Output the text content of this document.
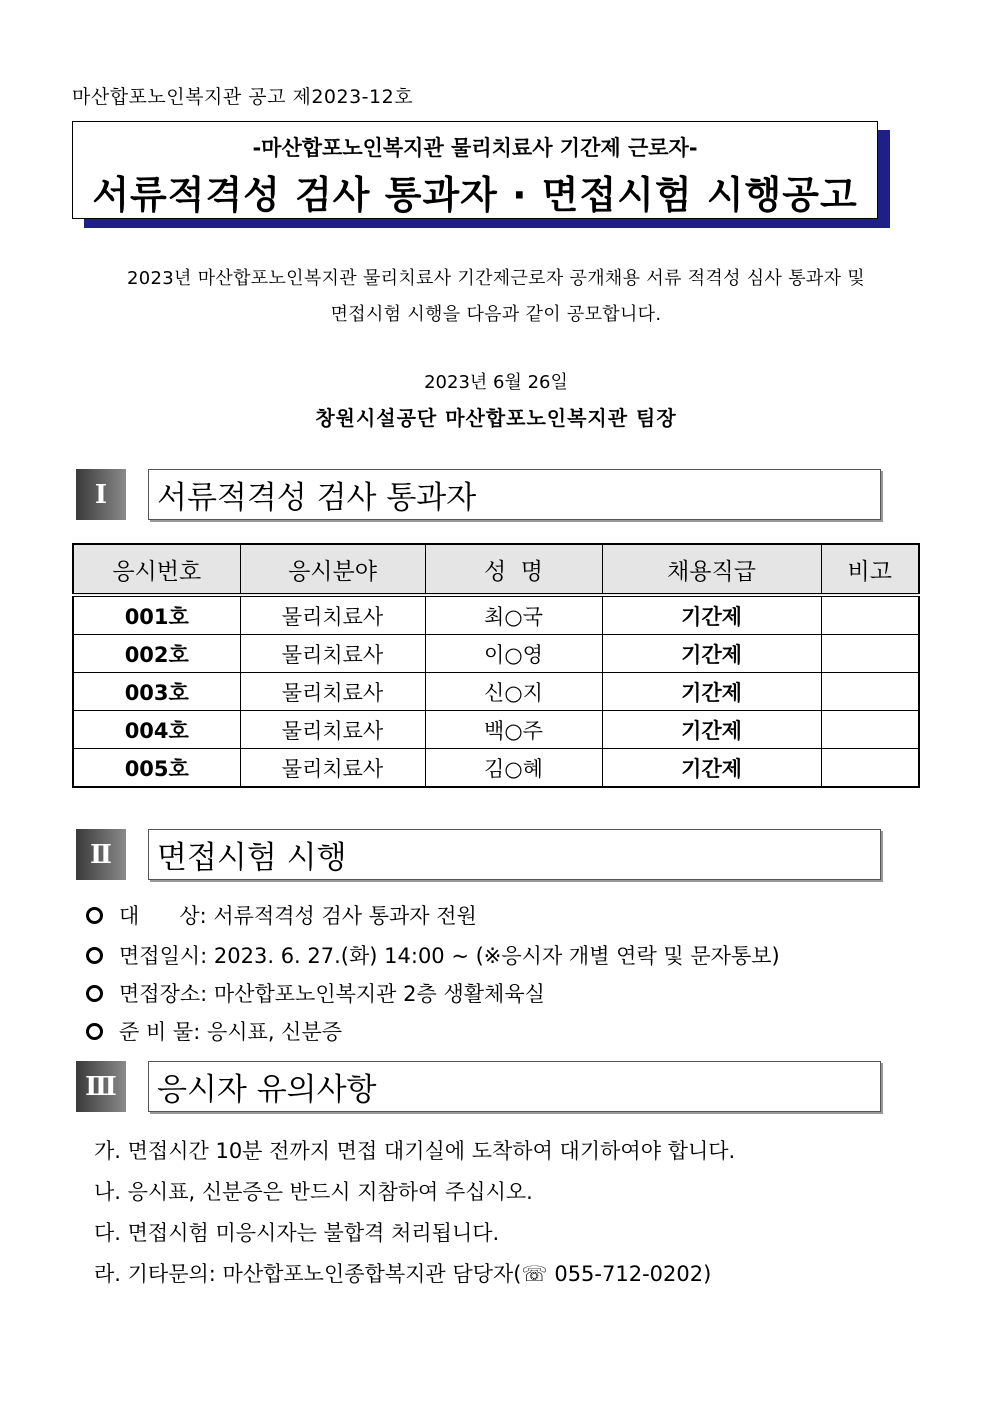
마산합포노인복지관 공고 제2023-12호
-마산합포노인복지관 물리치료사 기간제 근로자-
서류적격성 검사 통과자 · 면접시험 시행공고
2023년 마산합포노인복지관 물리치료사 기간제근로자 공개채용 서류 적격성 심사 통과자 및
면접시험 시행을 다음과 같이 공모합니다.
2023년 6월 26일
창원시설공단 마산합포노인복지관 팀장
Ⅰ	서류적격성 검사 통과자
응시번호	응시분야	성  명	채용직급	비고
001호	물리치료사	최○국	기간제	
002호	물리치료사	이○영	기간제	
003호	물리치료사	신○지	기간제	
004호	물리치료사	백○주	기간제	
005호	물리치료사	김○혜	기간제	
Ⅱ	면접시험 시행
대      상: 서류적격성 검사 통과자 전원
면접일시: 2023. 6. 27.(화) 14:00 ~ (※응시자 개별 연락 및 문자통보)
면접장소: 마산합포노인복지관 2층 생활체육실
준 비 물: 응시표, 신분증
Ⅲ 응시자 유의사항
가. 면접시간 10분 전까지 면접 대기실에 도착하여 대기하여야 합니다.
나. 응시표, 신분증은 반드시 지참하여 주십시오.
다. 면접시험 미응시자는 불합격 처리됩니다.
라. 기타문의: 마산합포노인종합복지관 담당자(☏ 055-712-0202)
